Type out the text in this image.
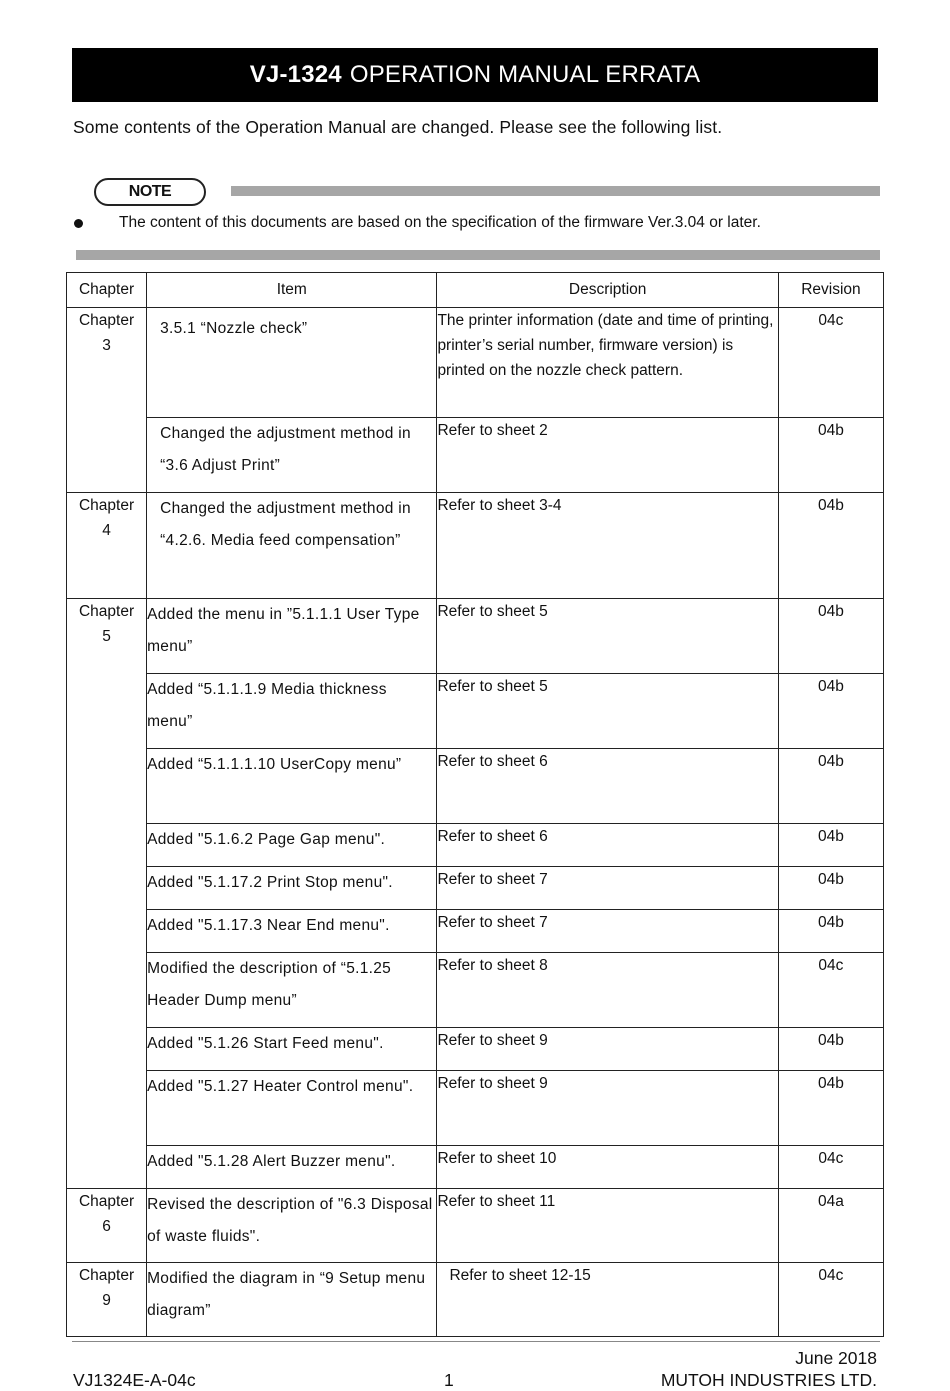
VJ-1324 OPERATION MANUAL ERRATA
Some contents of the Operation Manual are changed. Please see the following list.
NOTE
The content of this documents are based on the specification of the firmware Ver.3.04 or later.
Chapter	Item	Description	Revision

Chapter 3	3.5.1 “Nozzle check”	The printer information (date and time of printing, printer’s serial number, firmware version) is printed on the nozzle check pattern.	04c
	Changed the adjustment method in “3.6 Adjust Print”	Refer to sheet 2	04b

Chapter 4	Changed the adjustment method in “4.2.6. Media feed compensation”	Refer to sheet 3-4	04b

Chapter 5	Added the menu in ”5.1.1.1 User Type menu”	Refer to sheet 5	04b
	Added “5.1.1.1.9 Media thickness menu”	Refer to sheet 5	04b
	Added “5.1.1.1.10 UserCopy menu”	Refer to sheet 6	04b
	Added "5.1.6.2 Page Gap menu".	Refer to sheet 6	04b
	Added "5.1.17.2 Print Stop menu".	Refer to sheet 7	04b
	Added "5.1.17.3 Near End menu".	Refer to sheet 7	04b
	Modified the description of “5.1.25 Header Dump menu”	Refer to sheet 8	04c
	Added "5.1.26 Start Feed menu".	Refer to sheet 9	04b
	Added "5.1.27 Heater Control menu".	Refer to sheet 9	04b
	Added "5.1.28 Alert Buzzer menu".	Refer to sheet 10	04c

Chapter 6	Revised the description of "6.3 Disposal of waste fluids".	Refer to sheet 11	04a

Chapter 9	Modified the diagram in “9 Setup menu diagram”	Refer to sheet 12-15	04c
June 2018
VJ1324E-A-04c	1	MUTOH INDUSTRIES LTD.
